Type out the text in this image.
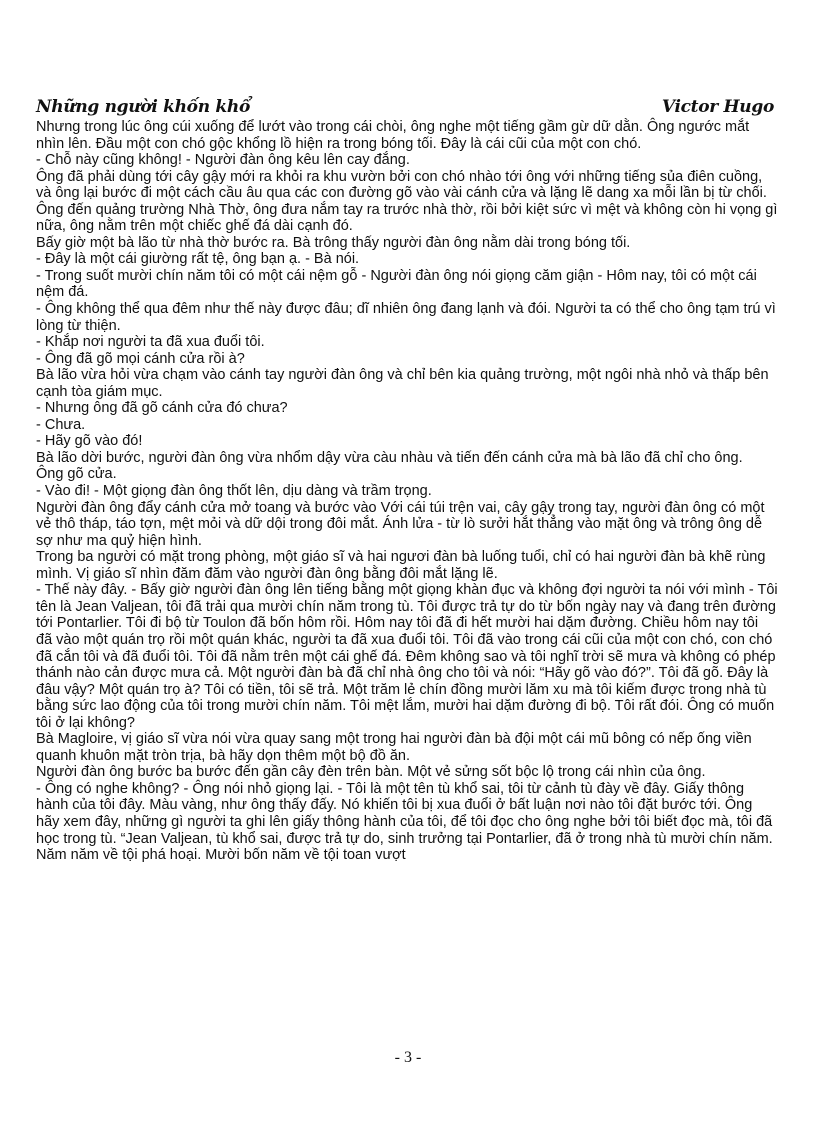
Những người khốn khổ	Victor Hugo

Nhưng trong lúc ông cúi xuống để lướt vào trong cái chòi, ông nghe một tiếng gầm gừ dữ dằn. Ông ngước mắt nhìn lên. Đầu một con chó gộc khổng lồ hiện ra trong bóng tối. Đây là cái cũi của một con chó.

- Chỗ này cũng không! - Người đàn ông kêu lên cay đắng.

Ông đã phải dùng tới cây gậy mới ra khỏi ra khu vườn bởi con chó nhào tới ông với những tiếng sủa điên cuồng, và ông lại bước đi một cách cầu âu qua các con đường gõ vào vài cánh cửa và lặng lẽ dang xa mỗi lần bị từ chối.

Ông đến quảng trường Nhà Thờ, ông đưa nắm tay ra trước nhà thờ, rồi bởi kiệt sức vì mệt và không còn hi vọng gì nữa, ông nằm trên một chiếc ghế đá dài cạnh đó.

Bấy giờ một bà lão từ nhà thờ bước ra. Bà trông thấy người đàn ông nằm dài trong bóng tối.

- Đây là một cái giường rất tệ, ông bạn ạ. - Bà nói.

- Trong suốt mười chín năm tôi có một cái nệm gỗ - Người đàn ông nói giọng căm giận - Hôm nay, tôi có một cái nệm đá.

- Ông không thể qua đêm như thế này được đâu; dĩ nhiên ông đang lạnh và đói. Người ta có thể cho ông tạm trú vì lòng từ thiện.

- Khắp nơi người ta đã xua đuổi tôi.

- Ông đã gõ mọi cánh cửa rồi à?

Bà lão vừa hỏi vừa chạm vào cánh tay người đàn ông và chỉ bên kia quảng trường, một ngôi nhà nhỏ và thấp bên cạnh tòa giám mục.

- Nhưng ông đã gõ cánh cửa đó chưa?

- Chưa.

- Hãy gõ vào đó!

Bà lão dời bước, người đàn ông vừa nhổm dậy vừa càu nhàu và tiến đến cánh cửa mà bà lão đã chỉ cho ông.

Ông gõ cửa.

- Vào đi! - Một giọng đàn ông thốt lên, dịu dàng và trầm trọng.

Người đàn ông đẩy cánh cửa mở toang và bước vào Với cái túi trện vai, cây gậy trong tay, người đàn ông có một vẻ thô tháp, táo tợn, mệt mỏi và dữ dội trong đôi mắt. Ánh lửa - từ lò sưởi hắt thẳng vào mặt ông và trông ông dễ sợ như ma quỷ hiện hình.

Trong ba người có mặt trong phòng, một giáo sĩ và hai ngươi đàn bà luống tuổi, chỉ có hai người đàn bà khẽ rùng mình. Vị giáo sĩ nhìn đăm đăm vào người đàn ông bằng đôi mắt lặng lẽ.

- Thế này đây. - Bấy giờ người đàn ông lên tiếng bằng một giọng khàn đục và không đợi người ta nói với mình - Tôi tên là Jean Valjean, tôi đã trải qua mười chín năm trong tù. Tôi được trả tự do từ bốn ngày nay và đang trên đường tới Pontarlier. Tôi đi bộ từ Toulon đã bốn hôm rồi. Hôm nay tôi đã đi hết mười hai dặm đường. Chiều hôm nay tôi đã vào một quán trọ rồi một quán khác, người ta đã xua đuổi tôi. Tôi đã vào trong cái cũi của một con chó, con chó đã cắn tôi và đã đuổi tôi. Tôi đã nằm trên một cái ghế đá. Đêm không sao và tôi nghĩ trời sẽ mưa và không có phép thánh nào cản được mưa cả. Một người đàn bà đã chỉ nhà ông cho tôi và nói: “Hãy gõ vào đó?”. Tôi đã gõ. Đây là đâu vậy? Một quán trọ à? Tôi có tiền, tôi sẽ trả. Một trăm lẻ chín đồng mười lăm xu mà tôi kiếm được trong nhà tù bằng sức lao động của tôi trong mười chín năm. Tôi mệt lắm, mười hai dặm đường đi bộ. Tôi rất đói. Ông có muốn tôi ở lại không?

Bà Magloire, vị giáo sĩ vừa nói vừa quay sang một trong hai người đàn bà đội một cái mũ bông có nếp ống viền quanh khuôn mặt tròn trịa, bà hãy dọn thêm một bộ đồ ăn.

Người đàn ông bước ba bước đến gần cây đèn trên bàn. Một vẻ sửng sốt bộc lộ trong cái nhìn của ông.

- Ông có nghe không? - Ông nói nhỏ giọng lại. - Tôi là một tên tù khổ sai, tôi từ cảnh tù đày về đây. Giấy thông hành của tôi đây. Màu vàng, như ông thấy đấy. Nó khiến tôi bị xua đuổi ở bất luận nơi nào tôi đặt bước tới. Ông hãy xem đây, những gì người ta ghi lên giấy thông hành của tôi, để tôi đọc cho ông nghe bởi tôi biết đọc mà, tôi đã học trong tù. “Jean Valjean, tù khổ sai, được trả tự do, sinh trưởng tại Pontarlier, đã ở trong nhà tù mười chín năm. Năm năm về tội phá hoại. Mười bốn năm về tội toan vượt

- 3 -
